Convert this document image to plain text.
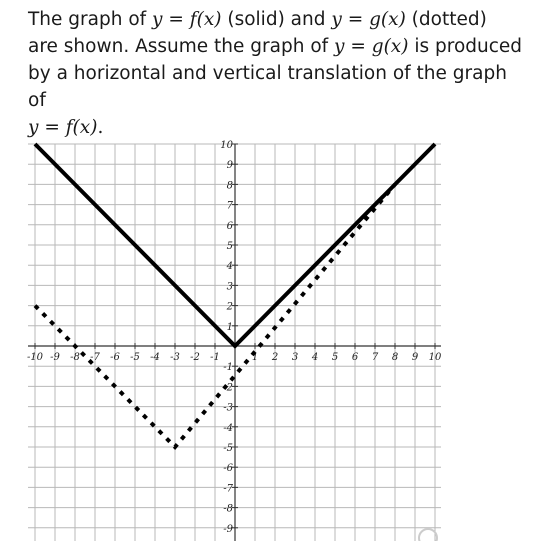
The graph of y = f(x) (solid) and y = g(x) (dotted)
are shown. Assume the graph of y = g(x) is produced
by a horizontal and vertical translation of the graph of
y = f(x).
-10 -9 -8 -7 -6 -5 -4 -3 -2 -1	1 2 3 4 5 6 7 8 9 10
10
9
8
7
6
5
4
3
2
1
-1
-2
-3
-4
-5
-6
-7
-8
-9
